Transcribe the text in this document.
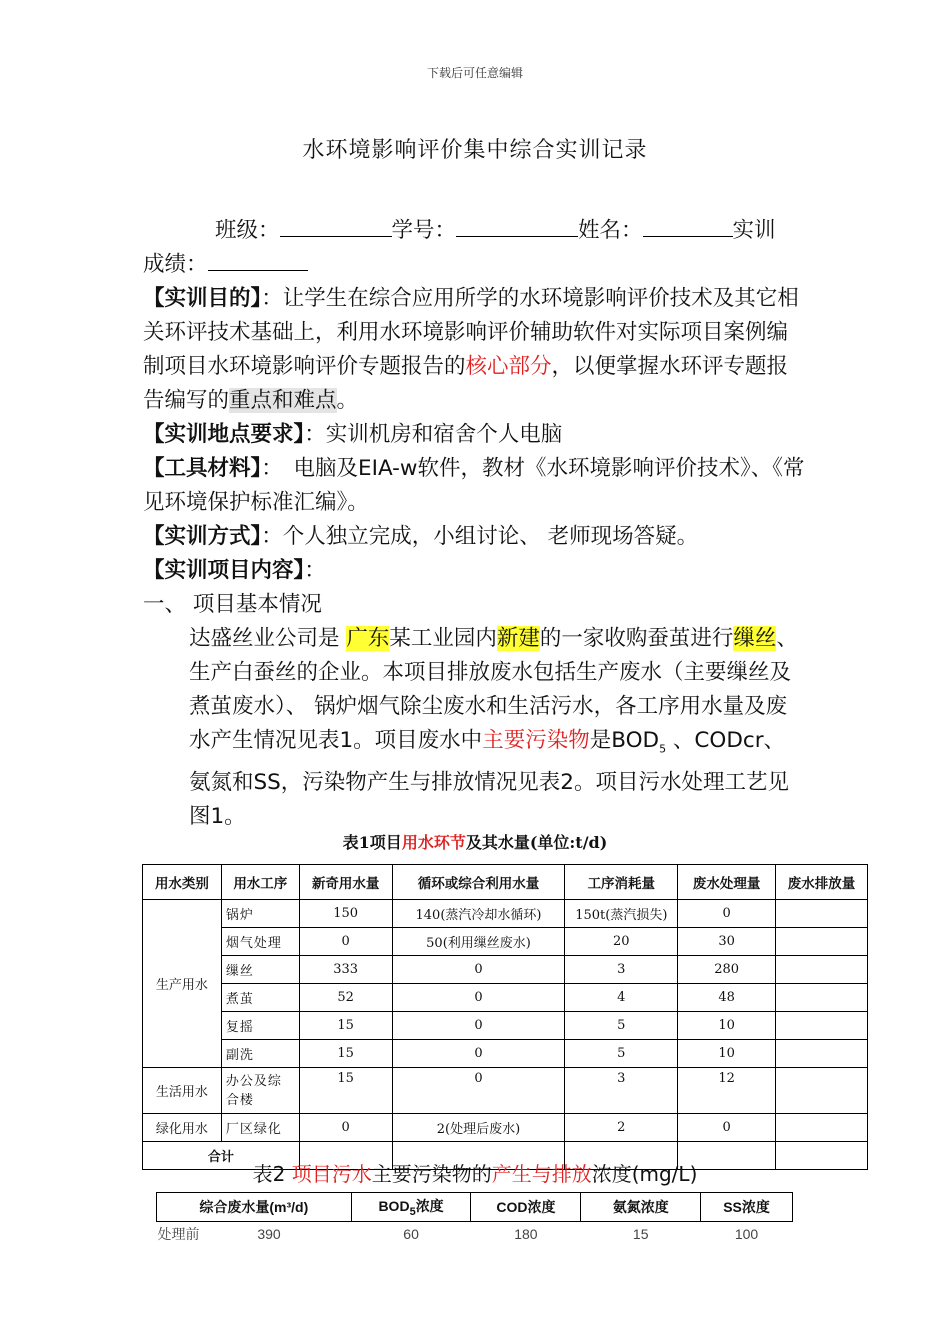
下载后可任意编辑
水环境影响评价集中综合实训记录

班级：	学号：	姓名：	实训

成绩：

【实训目的】：让学生在综合应用所学的水环境影响评价技术及其它相关环评技术基础上，利用水环境影响评价辅助软件对实际项目案例编制项目水环境影响评价专题报告的核心部分，以便掌握水环评专题报告编写的重点和难点。

【实训地点要求】：实训机房和宿舍个人电脑

【工具材料】：　电脑及EIA-w软件，教材《水环境影响评价技术》、《常见环境保护标准汇编》。

【实训方式】：个人独立完成，小组讨论、 老师现场答疑。

【实训项目内容】：

一、 项目基本情况

达盛丝业公司是 广东某工业园内新建的一家收购蚕茧进行缫丝、 生产白蚕丝的企业。本项目排放废水包括生产废水（主要缫丝及煮茧废水）、 锅炉烟气除尘废水和生活污水，各工序用水量及废水产生情况见表1。项目废水中主要污染物是$BOD_5$ 、CODcr、 氨氮和SS，污染物产生与排放情况见表2。项目污水处理工艺见图1。

表1项目用水环节及其水量(单位:t/d)
用水类别	用水工序	新奇用水量	循环或综合利用水量	工序消耗量	废水处理量	废水排放量
生产用水	锅炉	150	140(蒸汽冷却水循环)	150t(蒸汽损失)	0	
	烟气处理	0	50(利用缫丝废水)	20	30	
	缫丝	333	0	3	280	
	煮茧	52	0	4	48	
	复摇	15	0	5	10	
	副洗	15	0	5	10	
生活用水	办公及综合楼	15	0	3	12	
绿化用水	厂区绿化	0	2(处理后废水)	2	0	
合计						
表2 项目污水主要污染物的产生与排放浓度(mg/L)
综合废水量(m³/d)		$BOD_5$浓度	COD浓度	氨氮浓度	SS浓度
处理前	390	60	180	15	100
